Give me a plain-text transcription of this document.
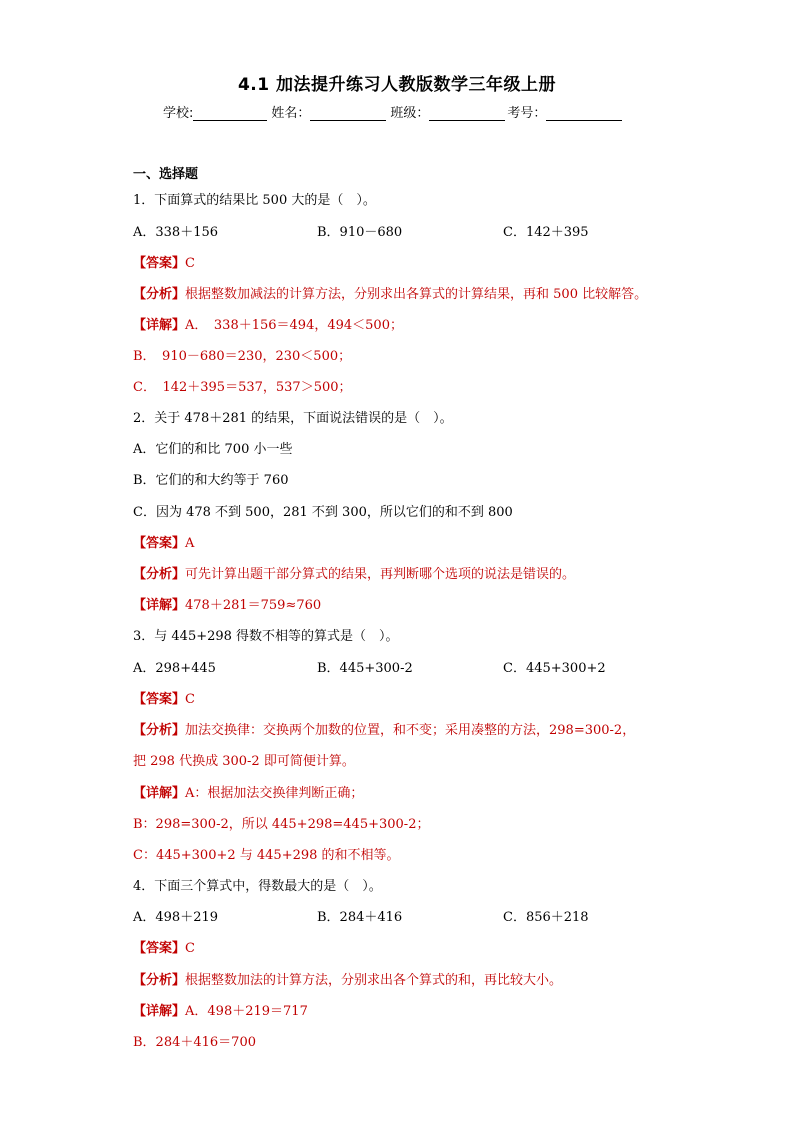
4.1 加法提升练习人教版数学三年级上册
学校:	姓名：	班级：	考号：
一、选择题
1．下面算式的结果比 500 大的是（　）。
A．338＋156	B．910－680	C．142＋395
【答案】C
【分析】根据整数加减法的计算方法，分别求出各算式的计算结果，再和 500 比较解答。
【详解】A．　338＋156＝494，494＜500；
B．　910－680＝230，230＜500；
C．　142＋395＝537，537＞500；
2．关于 478＋281 的结果，下面说法错误的是（　）。
A．它们的和比 700 小一些
B．它们的和大约等于 760
C．因为 478 不到 500，281 不到 300，所以它们的和不到 800
【答案】A
【分析】可先计算出题干部分算式的结果，再判断哪个选项的说法是错误的。
【详解】478＋281＝759≈760
3．与 445+298 得数不相等的算式是（　）。
A．298+445	B．445+300-2	C．445+300+2
【答案】C
【分析】加法交换律：交换两个加数的位置，和不变；采用凑整的方法，298=300-2，
把 298 代换成 300-2 即可简便计算。
【详解】A：根据加法交换律判断正确；
B：298=300-2，所以 445+298=445+300-2；
C：445+300+2 与 445+298 的和不相等。
4．下面三个算式中，得数最大的是（　）。
A．498＋219	B．284＋416	C．856＋218
【答案】C
【分析】根据整数加法的计算方法，分别求出各个算式的和，再比较大小。
【详解】A．498＋219＝717
B．284＋416＝700
